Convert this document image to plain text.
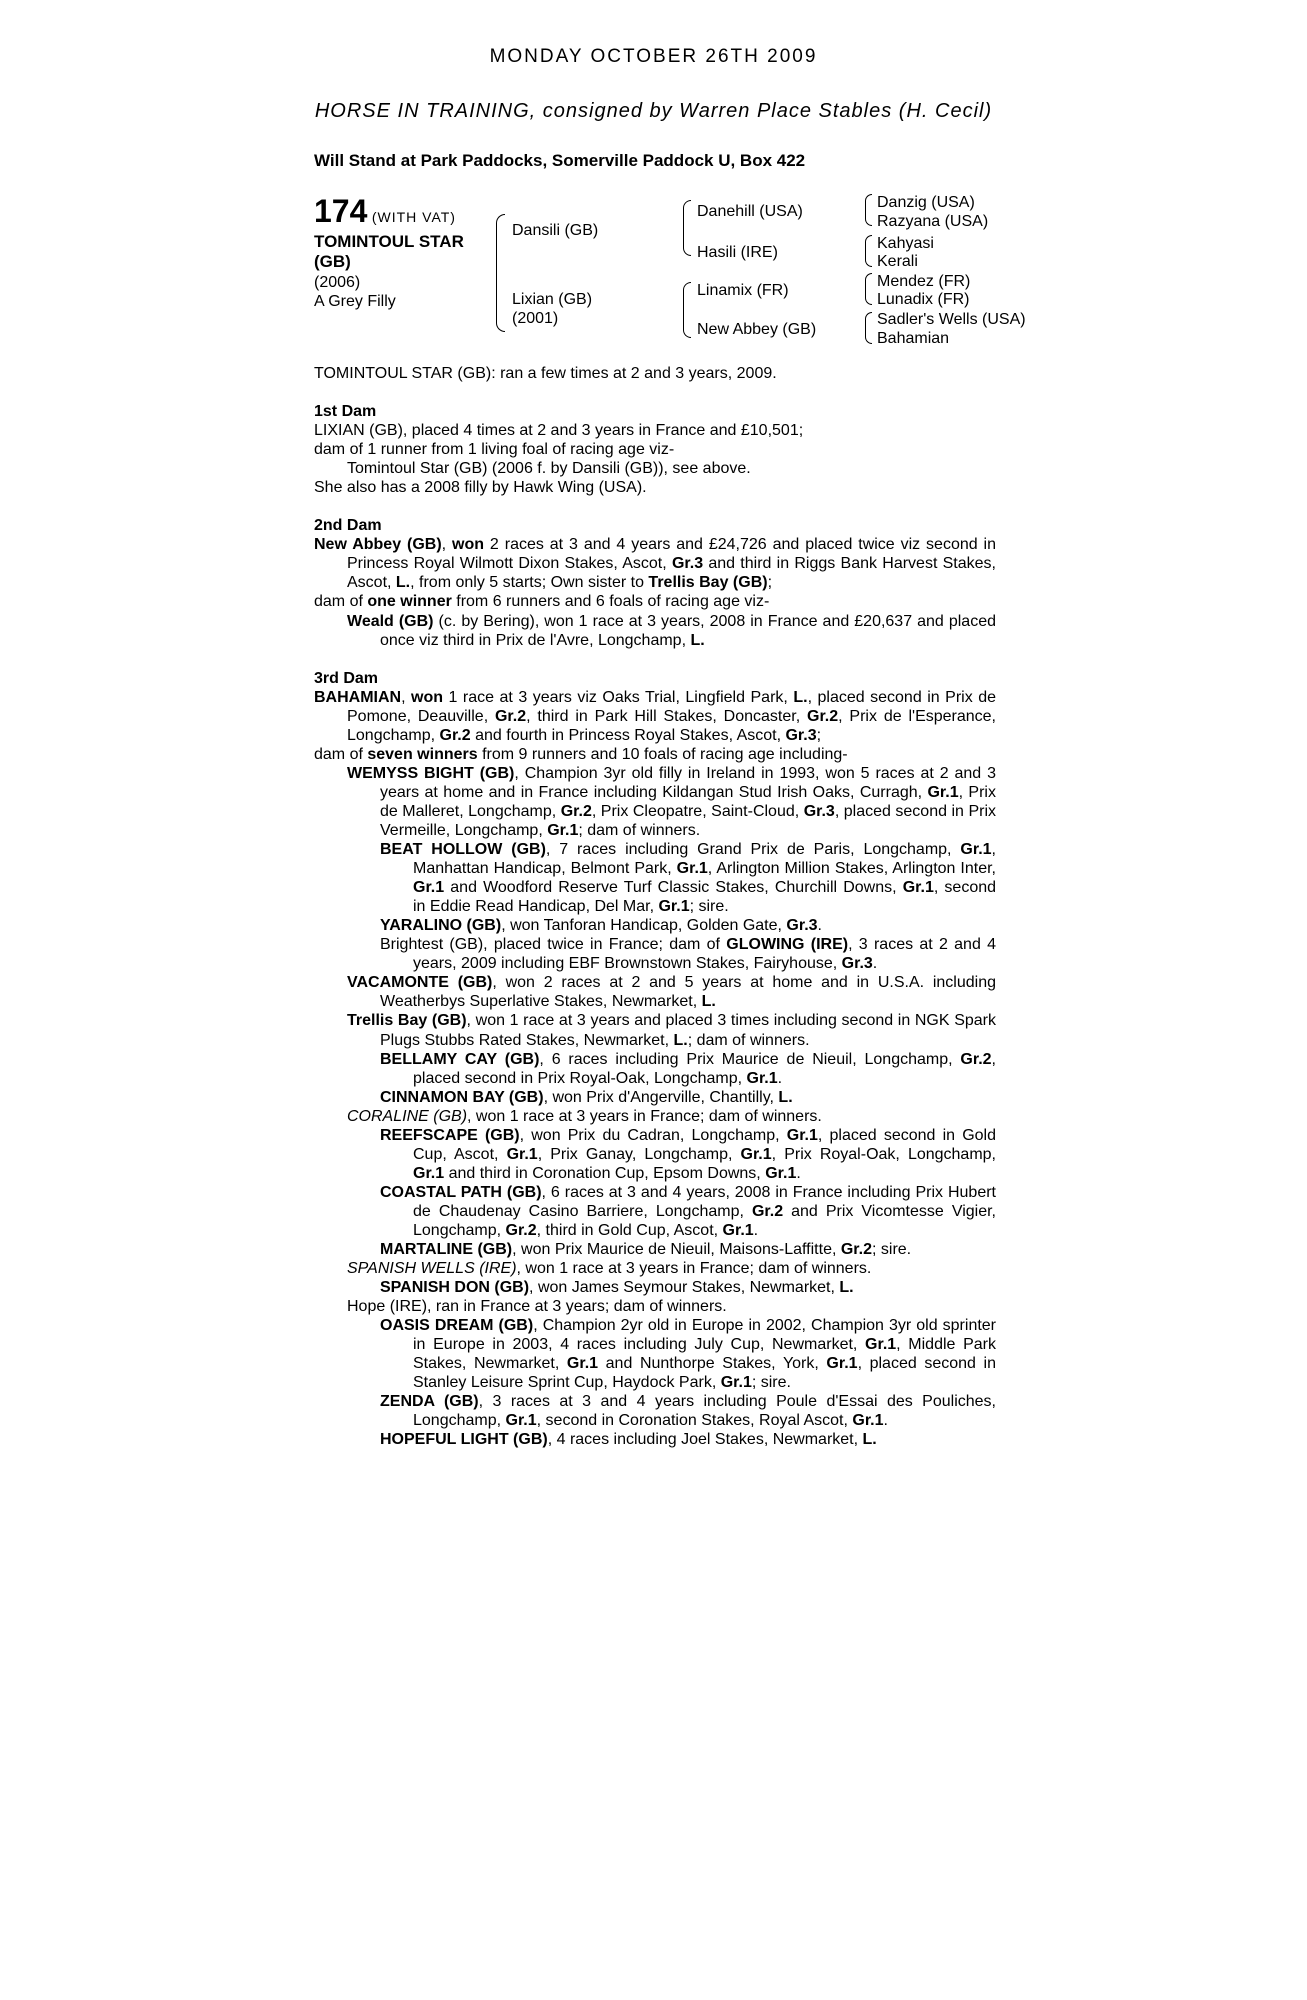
MONDAY OCTOBER 26TH 2009
HORSE IN TRAINING, consigned by Warren Place Stables (H. Cecil)
Will Stand at Park Paddocks, Somerville Paddock U, Box 422
174 (WITH VAT)
TOMINTOUL STAR
(GB)
(2006)
A Grey Filly
Dansili (GB)
Lixian (GB)
(2001)
Danehill (USA)
Hasili (IRE)
Linamix (FR)
New Abbey (GB)
Danzig (USA)
Razyana (USA)
Kahyasi
Kerali
Mendez (FR)
Lunadix (FR)
Sadler's Wells (USA)
Bahamian

TOMINTOUL STAR (GB): ran a few times at 2 and 3 years, 2009.

1st Dam

LIXIAN (GB), placed 4 times at 2 and 3 years in France and £10,501;

dam of 1 runner from 1 living foal of racing age viz-

Tomintoul Star (GB) (2006 f. by Dansili (GB)), see above.

She also has a 2008 filly by Hawk Wing (USA).

2nd Dam

New Abbey (GB), won 2 races at 3 and 4 years and £24,726 and placed twice viz second in Princess Royal Wilmott Dixon Stakes, Ascot, Gr.3 and third in Riggs Bank Harvest Stakes, Ascot, L., from only 5 starts; Own sister to Trellis Bay (GB);

dam of one winner from 6 runners and 6 foals of racing age viz-

Weald (GB) (c. by Bering), won 1 race at 3 years, 2008 in France and £20,637 and placed once viz third in Prix de l'Avre, Longchamp, L.

3rd Dam

BAHAMIAN, won 1 race at 3 years viz Oaks Trial, Lingfield Park, L., placed second in Prix de Pomone, Deauville, Gr.2, third in Park Hill Stakes, Doncaster, Gr.2, Prix de l'Esperance, Longchamp, Gr.2 and fourth in Princess Royal Stakes, Ascot, Gr.3;

dam of seven winners from 9 runners and 10 foals of racing age including-

WEMYSS BIGHT (GB), Champion 3yr old filly in Ireland in 1993, won 5 races at 2 and 3 years at home and in France including Kildangan Stud Irish Oaks, Curragh, Gr.1, Prix de Malleret, Longchamp, Gr.2, Prix Cleopatre, Saint-Cloud, Gr.3, placed second in Prix Vermeille, Longchamp, Gr.1; dam of winners.

BEAT HOLLOW (GB), 7 races including Grand Prix de Paris, Longchamp, Gr.1, Manhattan Handicap, Belmont Park, Gr.1, Arlington Million Stakes, Arlington Inter, Gr.1 and Woodford Reserve Turf Classic Stakes, Churchill Downs, Gr.1, second in Eddie Read Handicap, Del Mar, Gr.1; sire.

YARALINO (GB), won Tanforan Handicap, Golden Gate, Gr.3.

Brightest (GB), placed twice in France; dam of GLOWING (IRE), 3 races at 2 and 4 years, 2009 including EBF Brownstown Stakes, Fairyhouse, Gr.3.

VACAMONTE (GB), won 2 races at 2 and 5 years at home and in U.S.A. including Weatherbys Superlative Stakes, Newmarket, L.

Trellis Bay (GB), won 1 race at 3 years and placed 3 times including second in NGK Spark Plugs Stubbs Rated Stakes, Newmarket, L.; dam of winners.

BELLAMY CAY (GB), 6 races including Prix Maurice de Nieuil, Longchamp, Gr.2, placed second in Prix Royal-Oak, Longchamp, Gr.1.

CINNAMON BAY (GB), won Prix d'Angerville, Chantilly, L.

CORALINE (GB), won 1 race at 3 years in France; dam of winners.

REEFSCAPE (GB), won Prix du Cadran, Longchamp, Gr.1, placed second in Gold Cup, Ascot, Gr.1, Prix Ganay, Longchamp, Gr.1, Prix Royal-Oak, Longchamp, Gr.1 and third in Coronation Cup, Epsom Downs, Gr.1.

COASTAL PATH (GB), 6 races at 3 and 4 years, 2008 in France including Prix Hubert de Chaudenay Casino Barriere, Longchamp, Gr.2 and Prix Vicomtesse Vigier, Longchamp, Gr.2, third in Gold Cup, Ascot, Gr.1.

MARTALINE (GB), won Prix Maurice de Nieuil, Maisons-Laffitte, Gr.2; sire.

SPANISH WELLS (IRE), won 1 race at 3 years in France; dam of winners.

SPANISH DON (GB), won James Seymour Stakes, Newmarket, L.

Hope (IRE), ran in France at 3 years; dam of winners.

OASIS DREAM (GB), Champion 2yr old in Europe in 2002, Champion 3yr old sprinter in Europe in 2003, 4 races including July Cup, Newmarket, Gr.1, Middle Park Stakes, Newmarket, Gr.1 and Nunthorpe Stakes, York, Gr.1, placed second in Stanley Leisure Sprint Cup, Haydock Park, Gr.1; sire.

ZENDA (GB), 3 races at 3 and 4 years including Poule d'Essai des Pouliches, Longchamp, Gr.1, second in Coronation Stakes, Royal Ascot, Gr.1.

HOPEFUL LIGHT (GB), 4 races including Joel Stakes, Newmarket, L.
